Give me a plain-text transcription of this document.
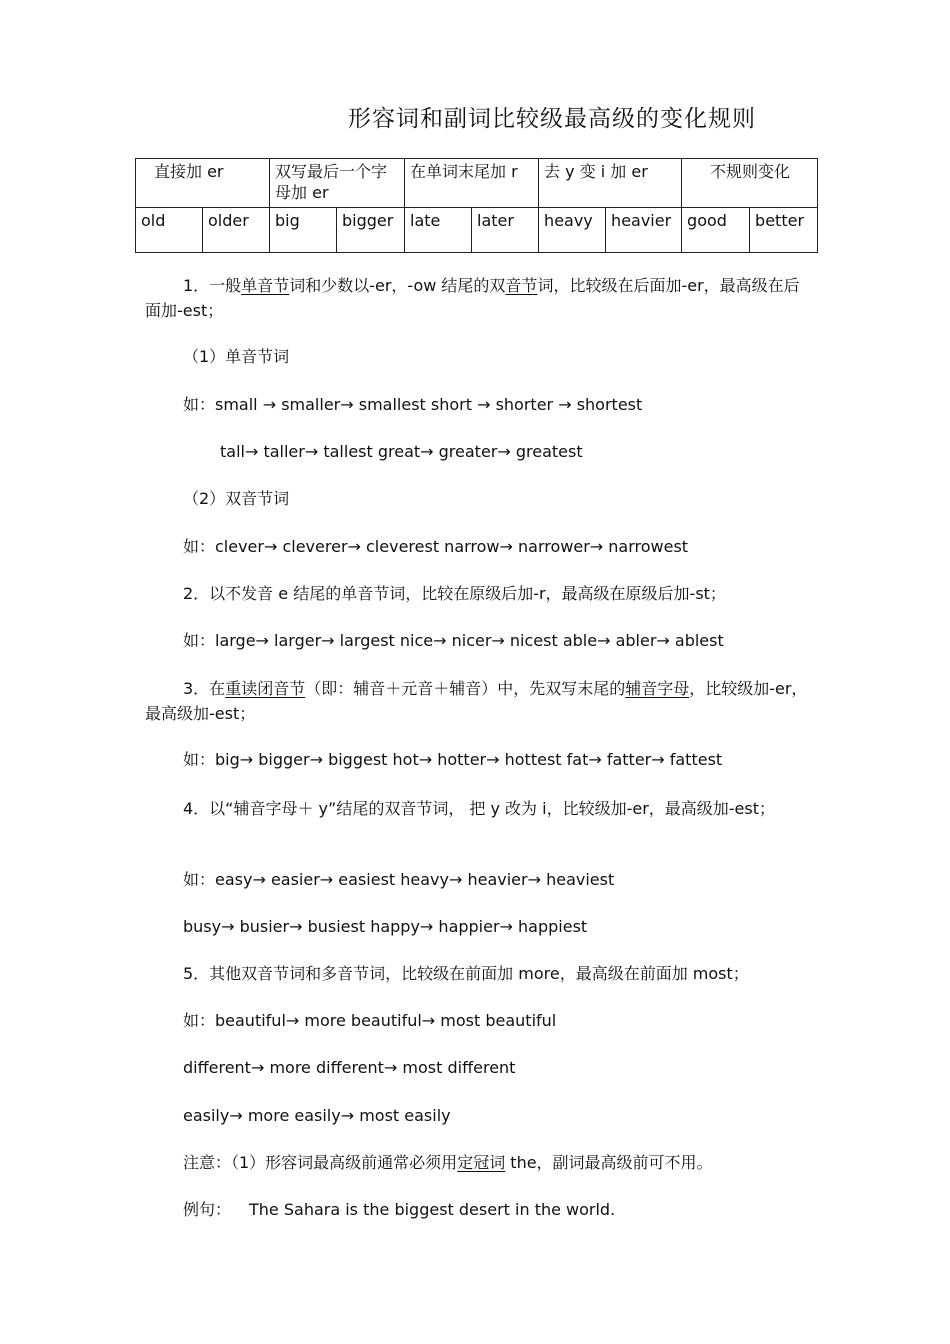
形容词和副词比较级最高级的变化规则
直接加 er		双写最后一个字母加 er		在单词末尾加 r		去 y 变 i 加 er		不规则变化	
old	older	big	bigger	late	later	heavy	heavier	good	better
1．一般单音节词和少数以-er，-ow 结尾的双音节词，比较级在后面加-er，最高级在后面加-est；
（1）单音节词
如：small → smaller→ smallest short → shorter → shortest
tall→ taller→ tallest great→ greater→ greatest
（2）双音节词
如：clever→ cleverer→ cleverest narrow→ narrower→ narrowest
2．以不发音 e 结尾的单音节词，比较在原级后加-r，最高级在原级后加-st；
如：large→ larger→ largest nice→ nicer→ nicest able→ abler→ ablest
3．在重读闭音节（即：辅音＋元音＋辅音）中，先双写末尾的辅音字母，比较级加-er，最高级加-est；
如：big→ bigger→ biggest hot→ hotter→ hottest fat→ fatter→ fattest
4．以“辅音字母＋ y”结尾的双音节词， 把 y 改为 i，比较级加-er，最高级加-est；
如：easy→ easier→ easiest heavy→ heavier→ heaviest
busy→ busier→ busiest happy→ happier→ happiest
5．其他双音节词和多音节词，比较级在前面加 more，最高级在前面加 most；
如：beautiful→ more beautiful→ most beautiful
different→ more different→ most different
easily→ more easily→ most easily
注意：（1）形容词最高级前通常必须用定冠词 the，副词最高级前可不用。
例句： The Sahara is the biggest desert in the world.
